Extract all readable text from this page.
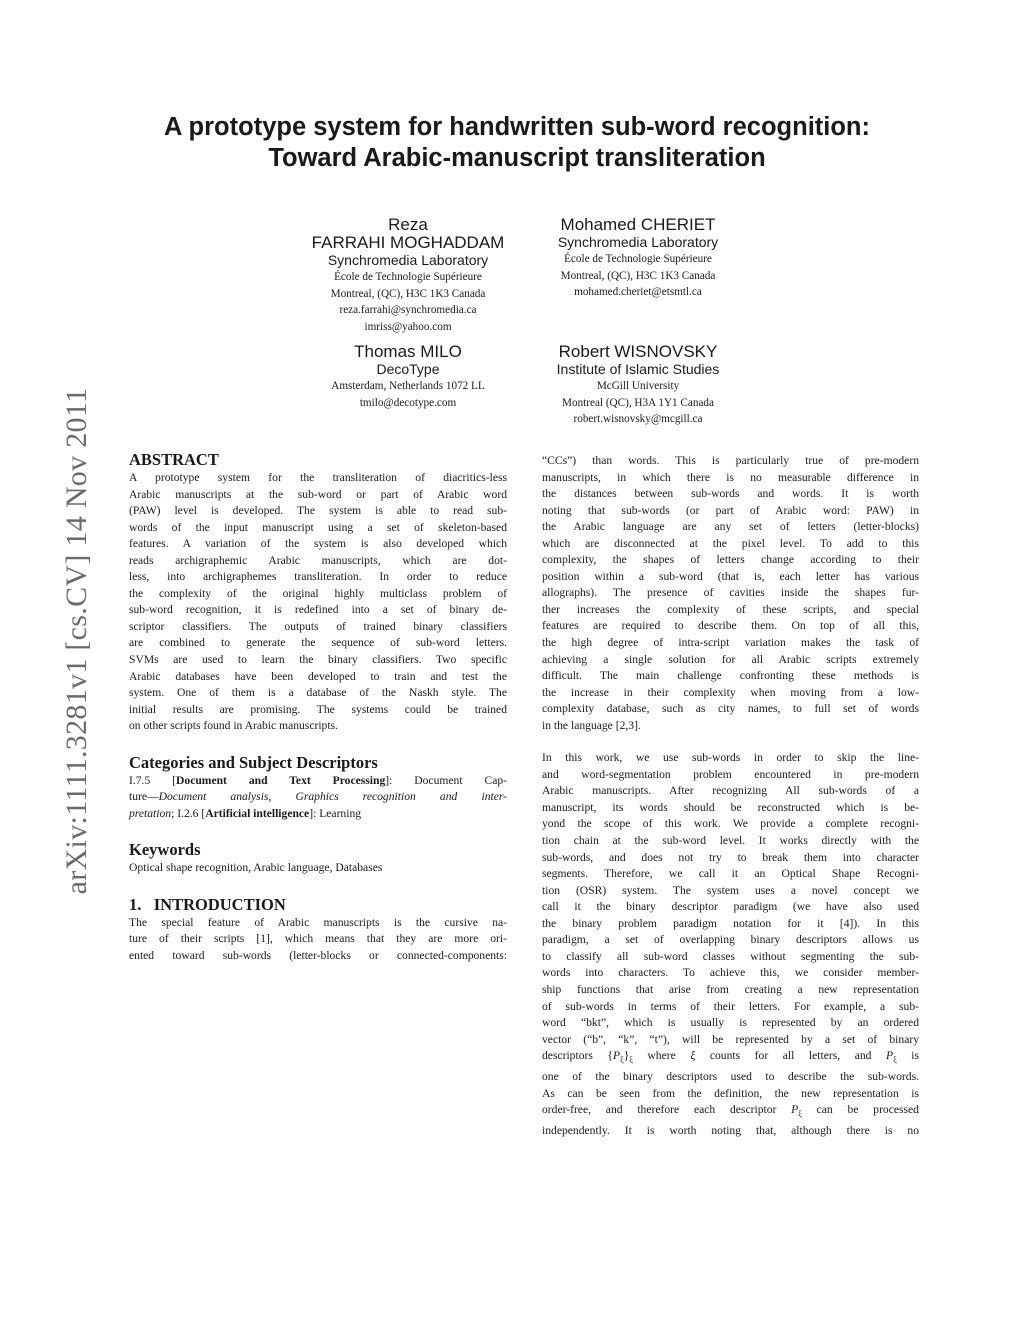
A prototype system for handwritten sub-word recognition:
Toward Arabic-manuscript transliteration
Reza
FARRAHI MOGHADDAM
Synchromedia Laboratory
École de Technologie Supérieure
Montreal, (QC), H3C 1K3 Canada
reza.farrahi@synchromedia.ca
imriss@yahoo.com
Mohamed CHERIET
Synchromedia Laboratory
École de Technologie Supérieure
Montreal, (QC), H3C 1K3 Canada
mohamed.cheriet@etsmtl.ca
Thomas MILO
DecoType
Amsterdam, Netherlands 1072 LL
tmilo@decotype.com
Robert WISNOVSKY
Institute of Islamic Studies
McGill University
Montreal (QC), H3A 1Y1 Canada
robert.wisnovsky@mcgill.ca
arXiv:1111.3281v1 [cs.CV] 14 Nov 2011 ABSTRACT
A prototype system for the transliteration of diacritics-less
Arabic manuscripts at the sub-word or part of Arabic word
(PAW) level is developed. The system is able to read sub-
words of the input manuscript using a set of skeleton-based
features. A variation of the system is also developed which
reads archigraphemic Arabic manuscripts, which are dot-
less, into archigraphemes transliteration. In order to reduce
the complexity of the original highly multiclass problem of
sub-word recognition, it is redefined into a set of binary de-
scriptor classifiers. The outputs of trained binary classifiers
are combined to generate the sequence of sub-word letters.
SVMs are used to learn the binary classifiers. Two specific
Arabic databases have been developed to train and test the
system. One of them is a database of the Naskh style. The
initial results are promising. The systems could be trained
on other scripts found in Arabic manuscripts.
Categories and Subject Descriptors
I.7.5 [Document and Text Processing]: Document Cap-
ture—Document analysis, Graphics recognition and inter-
pretation; I.2.6 [Artificial intelligence]: Learning
Keywords
Optical shape recognition, Arabic language, Databases
1.   INTRODUCTION
The special feature of Arabic manuscripts is the cursive na-
ture of their scripts [1], which means that they are more ori-
ented toward sub-words (letter-blocks or connected-components:
“CCs”) than words. This is particularly true of pre-modern
manuscripts, in which there is no measurable difference in
the distances between sub-words and words. It is worth
noting that sub-words (or part of Arabic word: PAW) in
the Arabic language are any set of letters (letter-blocks)
which are disconnected at the pixel level. To add to this
complexity, the shapes of letters change according to their
position within a sub-word (that is, each letter has various
allographs). The presence of cavities inside the shapes fur-
ther increases the complexity of these scripts, and special
features are required to describe them. On top of all this,
the high degree of intra-script variation makes the task of
achieving a single solution for all Arabic scripts extremely
difficult. The main challenge confronting these methods is
the increase in their complexity when moving from a low-
complexity database, such as city names, to full set of words
in the language [2,3].
In this work, we use sub-words in order to skip the line-
and word-segmentation problem encountered in pre-modern
Arabic manuscripts. After recognizing All sub-words of a
manuscript, its words should be reconstructed which is be-
yond the scope of this work. We provide a complete recogni-
tion chain at the sub-word level. It works directly with the
sub-words, and does not try to break them into character
segments. Therefore, we call it an Optical Shape Recogni-
tion (OSR) system. The system uses a novel concept we
call it the binary descriptor paradigm (we have also used
the binary problem paradigm notation for it [4]). In this
paradigm, a set of overlapping binary descriptors allows us
to classify all sub-word classes without segmenting the sub-
words into characters. To achieve this, we consider member-
ship functions that arise from creating a new representation
of sub-words in terms of their letters. For example, a sub-
word “bkt”, which is usually is represented by an ordered
vector (“b”, “k”, “t”), will be represented by a set of binary
descriptors $\{P_\xi\}_\xi$ where ξ counts for all letters, and $P_\xi$ is
one of the binary descriptors used to describe the sub-words.
As can be seen from the definition, the new representation is
order-free, and therefore each descriptor $P_\xi$ can be processed
independently. It is worth noting that, although there is no
